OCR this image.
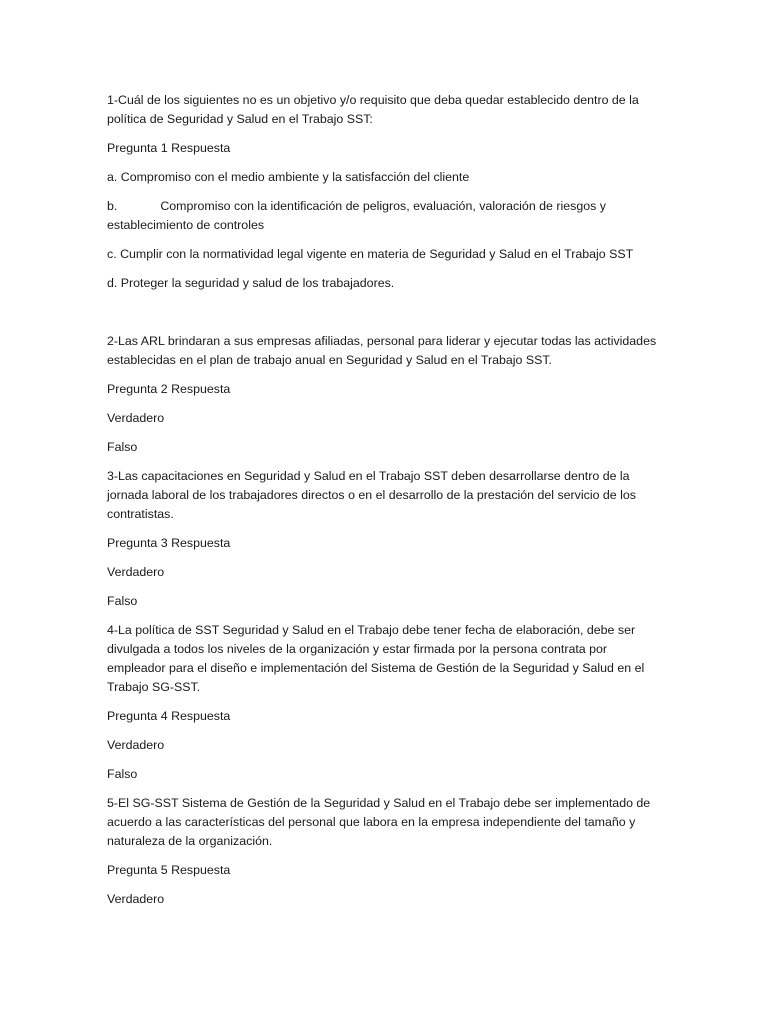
1-Cuál de los siguientes no es un objetivo y/o requisito que deba quedar establecido dentro de la política de Seguridad y Salud en el Trabajo SST:

Pregunta 1 Respuesta

a. Compromiso con el medio ambiente y la satisfacción del cliente

b.	Compromiso con la identificación de peligros, evaluación, valoración de riesgos y establecimiento de controles

c. Cumplir con la normatividad legal vigente en materia de Seguridad y Salud en el Trabajo SST

d. Proteger la seguridad y salud de los trabajadores.

2-Las ARL brindaran a sus empresas afiliadas, personal para liderar y ejecutar todas las actividades establecidas en el plan de trabajo anual en Seguridad y Salud en el Trabajo SST.

Pregunta 2 Respuesta

Verdadero

Falso

3-Las capacitaciones en Seguridad y Salud en el Trabajo SST deben desarrollarse dentro de la jornada laboral de los trabajadores directos o en el desarrollo de la prestación del servicio de los contratistas.

Pregunta 3 Respuesta

Verdadero

Falso

4-La política de SST Seguridad y Salud en el Trabajo debe tener fecha de elaboración, debe ser divulgada a todos los niveles de la organización y estar firmada por la persona contrata por empleador para el diseño e implementación del Sistema de Gestión de la Seguridad y Salud en el Trabajo SG-SST.

Pregunta 4 Respuesta

Verdadero

Falso

5-El SG-SST Sistema de Gestión de la Seguridad y Salud en el Trabajo debe ser implementado de acuerdo a las características del personal que labora en la empresa independiente del tamaño y naturaleza de la organización.

Pregunta 5 Respuesta

Verdadero
